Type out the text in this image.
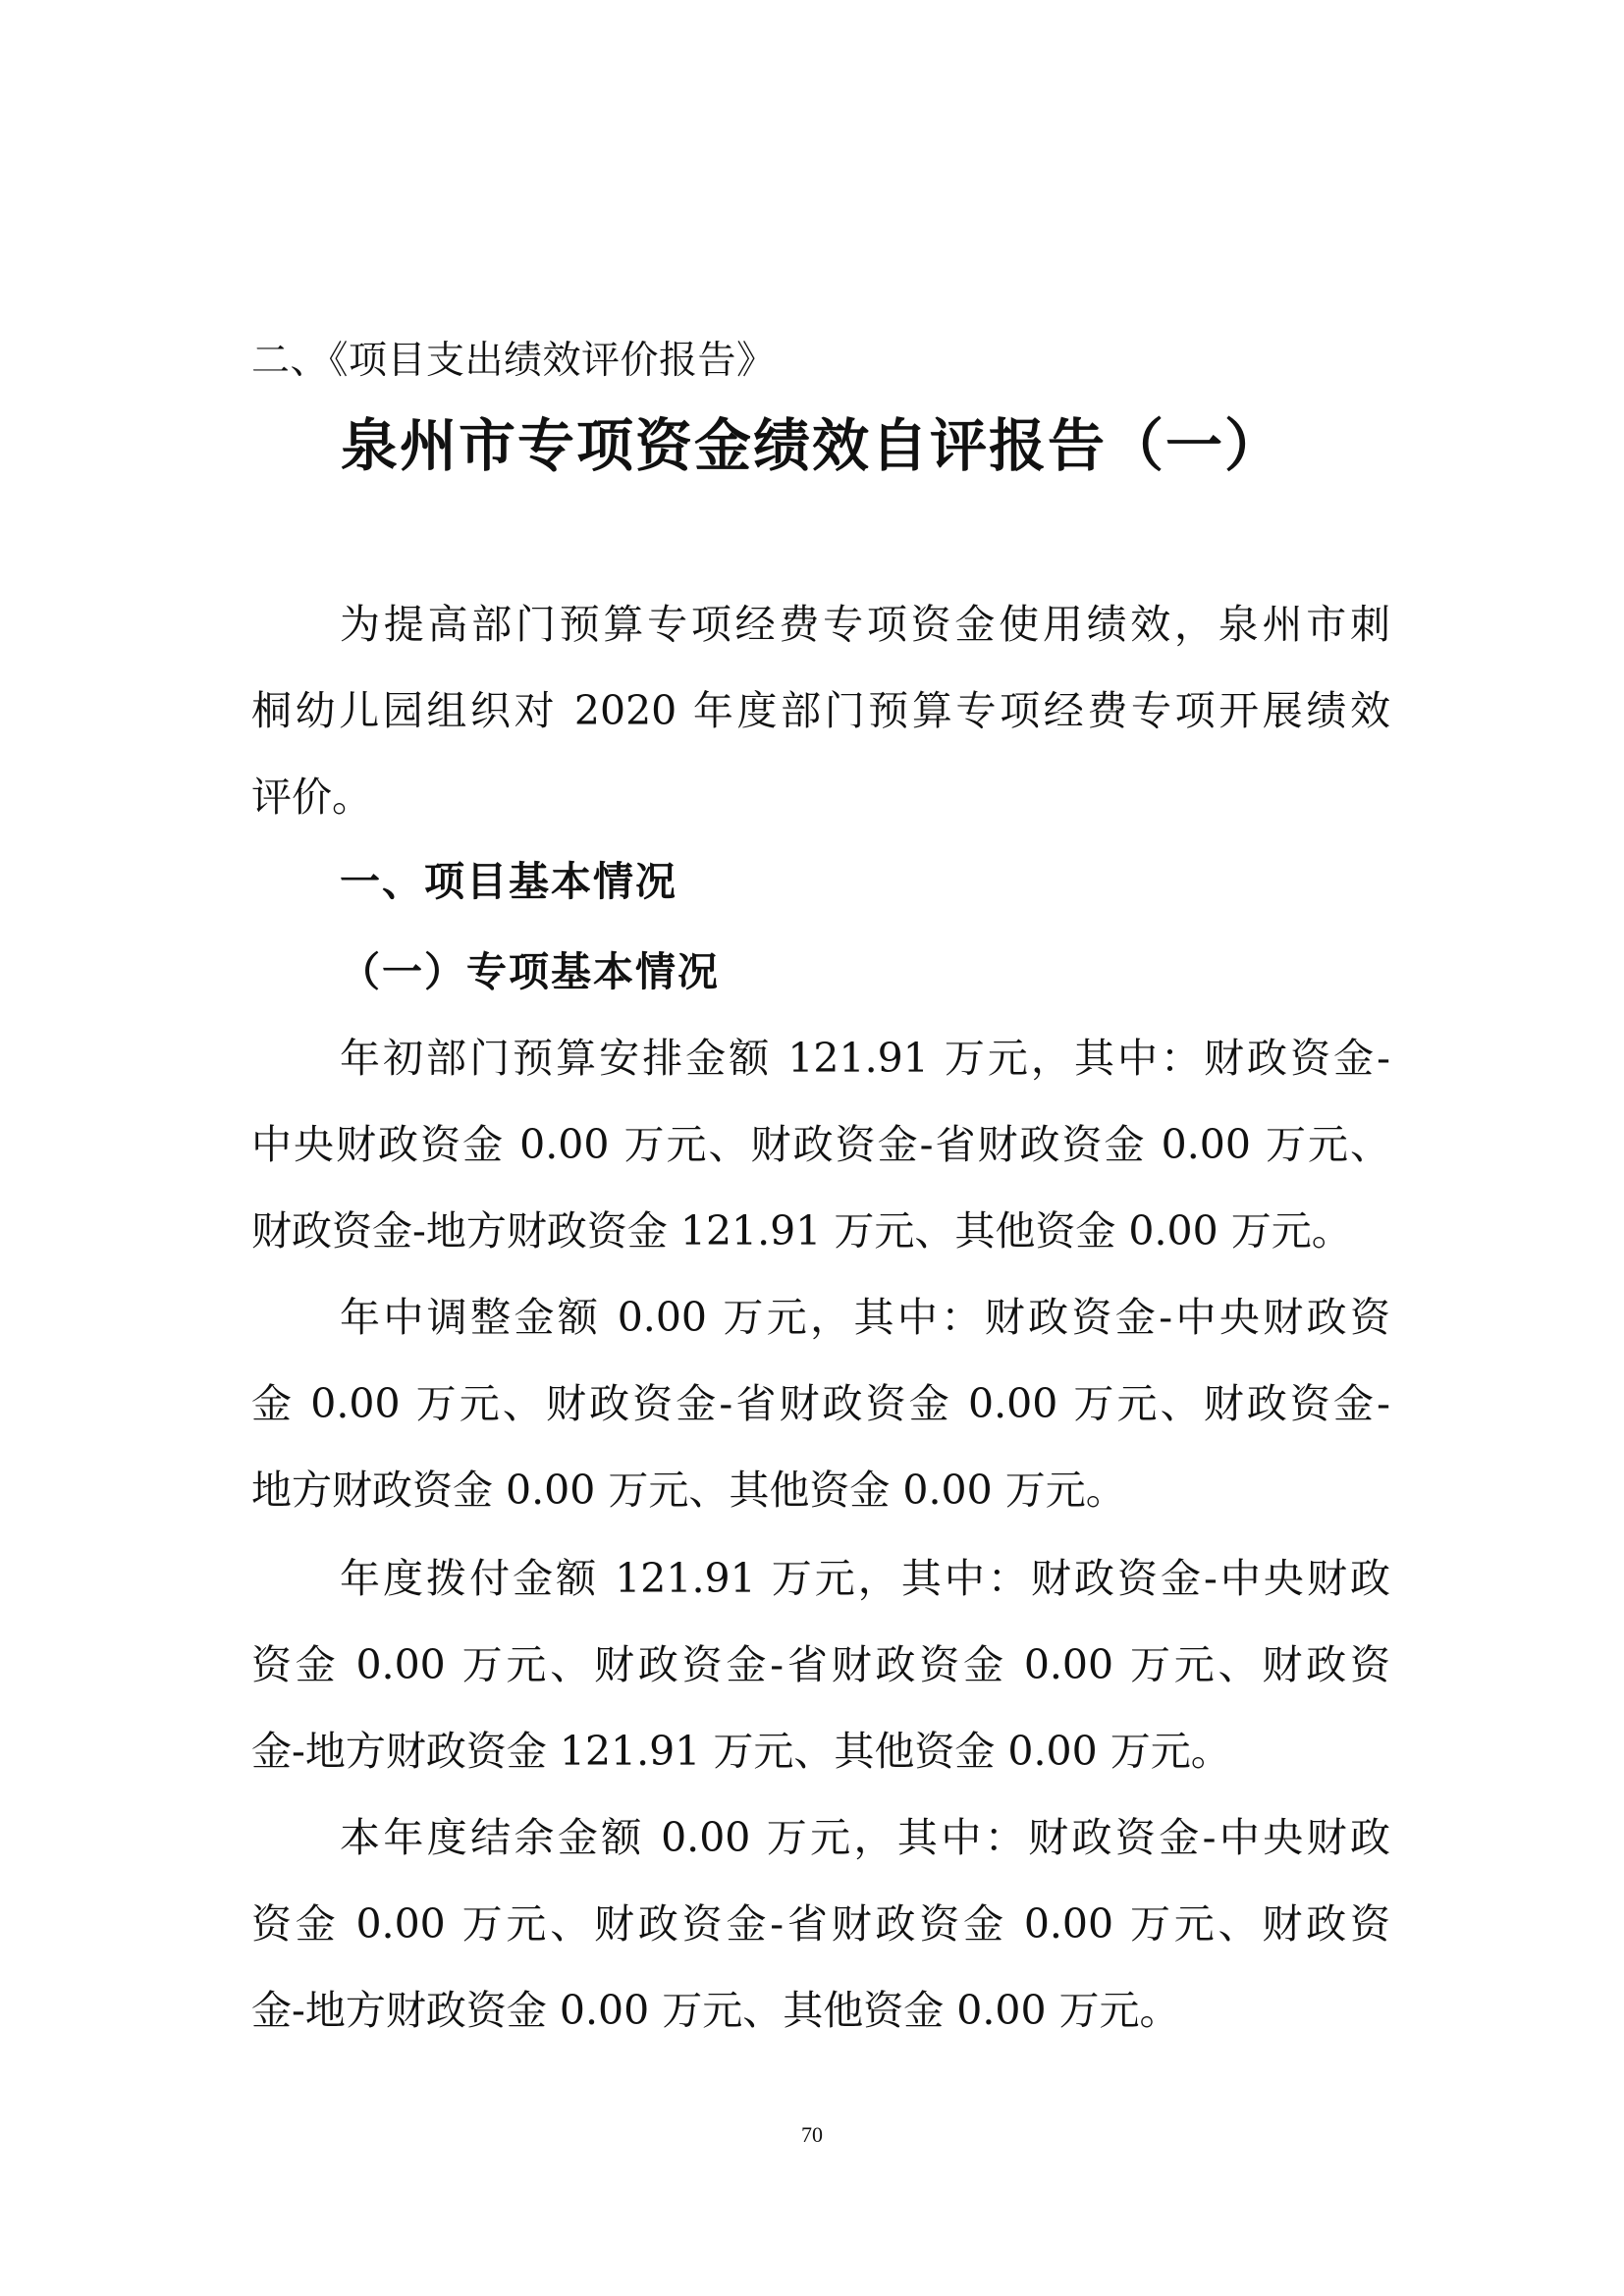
二、《项目支出绩效评价报告》
泉州市专项资金绩效自评报告（一）
为提高部门预算专项经费专项资金使用绩效，泉州市刺
桐幼儿园组织对 2020 年度部门预算专项经费专项开展绩效
评价。
一、项目基本情况
（一）专项基本情况
年初部门预算安排金额 121.91 万元，其中：财政资金-
中央财政资金 0.00 万元、财政资金-省财政资金 0.00 万元、
财政资金-地方财政资金 121.91 万元、其他资金 0.00 万元。
年中调整金额 0.00 万元，其中：财政资金-中央财政资
金 0.00 万元、财政资金-省财政资金 0.00 万元、财政资金-
地方财政资金 0.00 万元、其他资金 0.00 万元。
年度拨付金额 121.91 万元，其中：财政资金-中央财政
资金 0.00 万元、财政资金-省财政资金 0.00 万元、财政资
金-地方财政资金 121.91 万元、其他资金 0.00 万元。
本年度结余金额 0.00 万元，其中：财政资金-中央财政
资金 0.00 万元、财政资金-省财政资金 0.00 万元、财政资
金-地方财政资金 0.00 万元、其他资金 0.00 万元。
70
